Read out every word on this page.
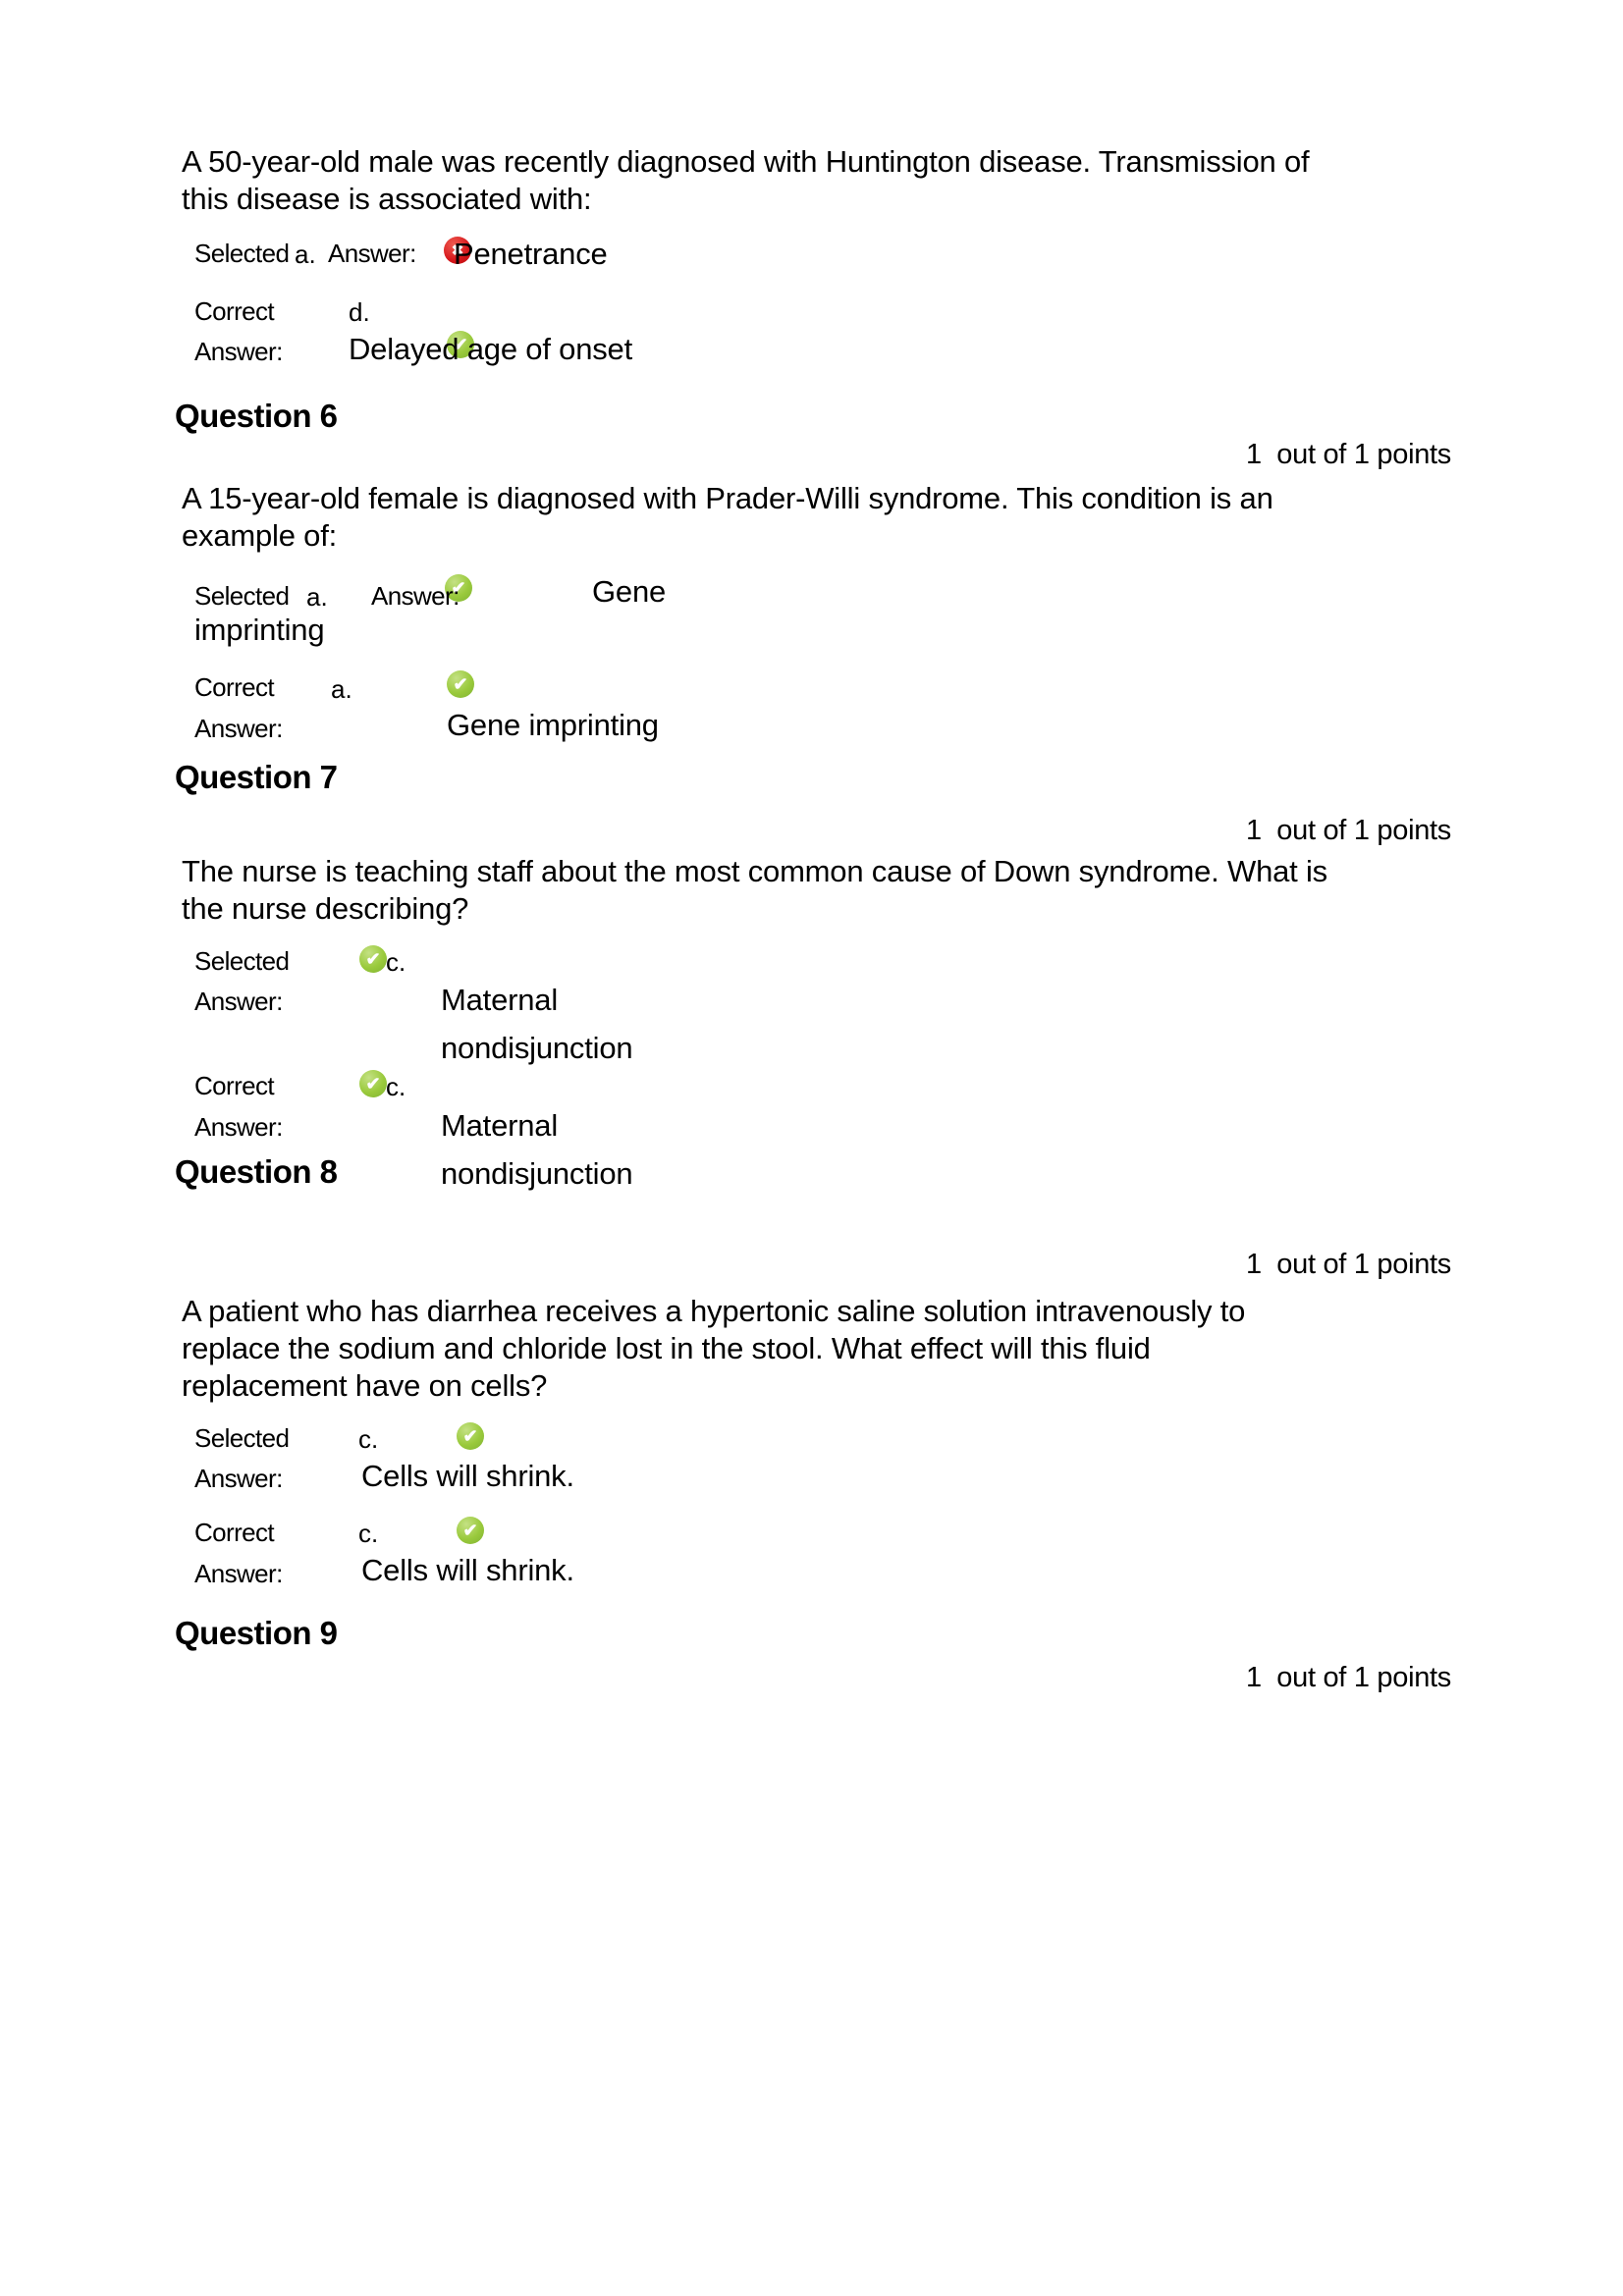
A 50-year-old male was recently diagnosed with Huntington disease. Transmission of
this disease is associated with:
Selected a. Answer: ✖ Penetrance
Correct	d.
Answer: ✔ Delayed age of onset
Question 6
1  out of 1 points
A 15-year-old female is diagnosed with Prader-Willi syndrome. This condition is an
example of:
Selected a. Answer: ✔	Gene
imprinting
Correct a.
✔
Answer:	Gene imprinting
Question 7
1  out of 1 points
The nurse is teaching staff about the most common cause of Down syndrome. What is
the nurse describing?
Selected ✔	c.
Answer:	Maternal
nondisjunction
Correct ✔	c.
Answer:	Maternal
nondisjunction
Question 8
1  out of 1 points
A patient who has diarrhea receives a hypertonic saline solution intravenously to
replace the sodium and chloride lost in the stool. What effect will this fluid
replacement have on cells?
Selected	c.
✔
Answer:	Cells will shrink.
Correct	c.
✔
Answer:	Cells will shrink.
Question 9
1  out of 1 points
